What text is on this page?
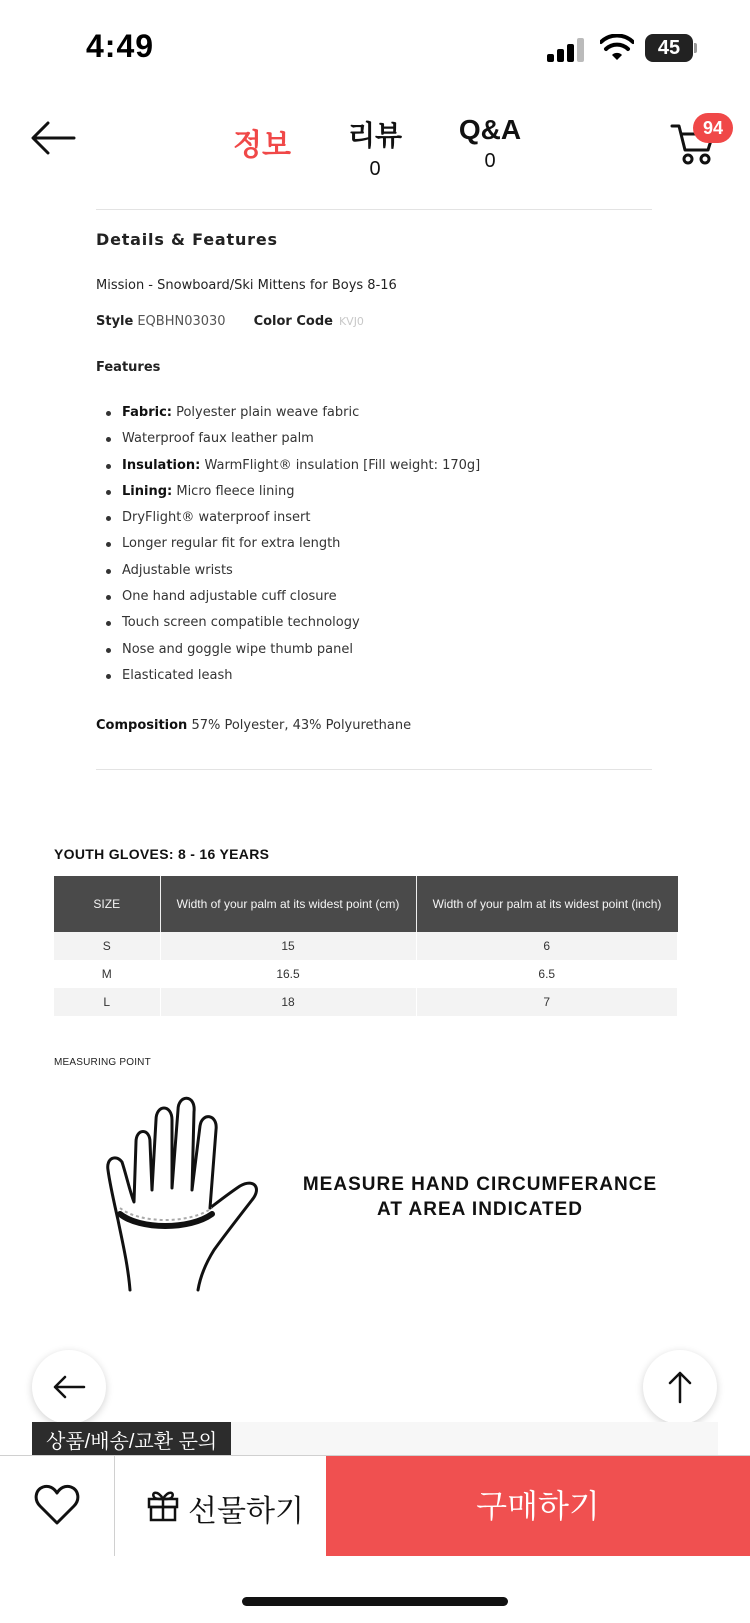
4:49	45
정보	리뷰
0
Q&A
0
94
Details & Features
Mission - Snowboard/Ski Mittens for Boys 8-16
Style EQBHN03030 Color Code KVJ0
Features
Fabric: Polyester plain weave fabric
Waterproof faux leather palm
Insulation: WarmFlight® insulation [Fill weight: 170g]
Lining: Micro fleece lining
DryFlight® waterproof insert
Longer regular fit for extra length
Adjustable wrists
One hand adjustable cuff closure
Touch screen compatible technology
Nose and goggle wipe thumb panel
Elasticated leash
Composition 57% Polyester, 43% Polyurethane
YOUTH GLOVES: 8 - 16 YEARS
SIZE	Width of your palm at its widest point (cm)	Width of your palm at its widest point (inch)
S	15	6
M	16.5	6.5
L	18	7
MEASURING POINT
MEASURE HAND CIRCUMFERANCE
AT AREA INDICATED
상품/배송/교환 문의
선물하기	구매하기
